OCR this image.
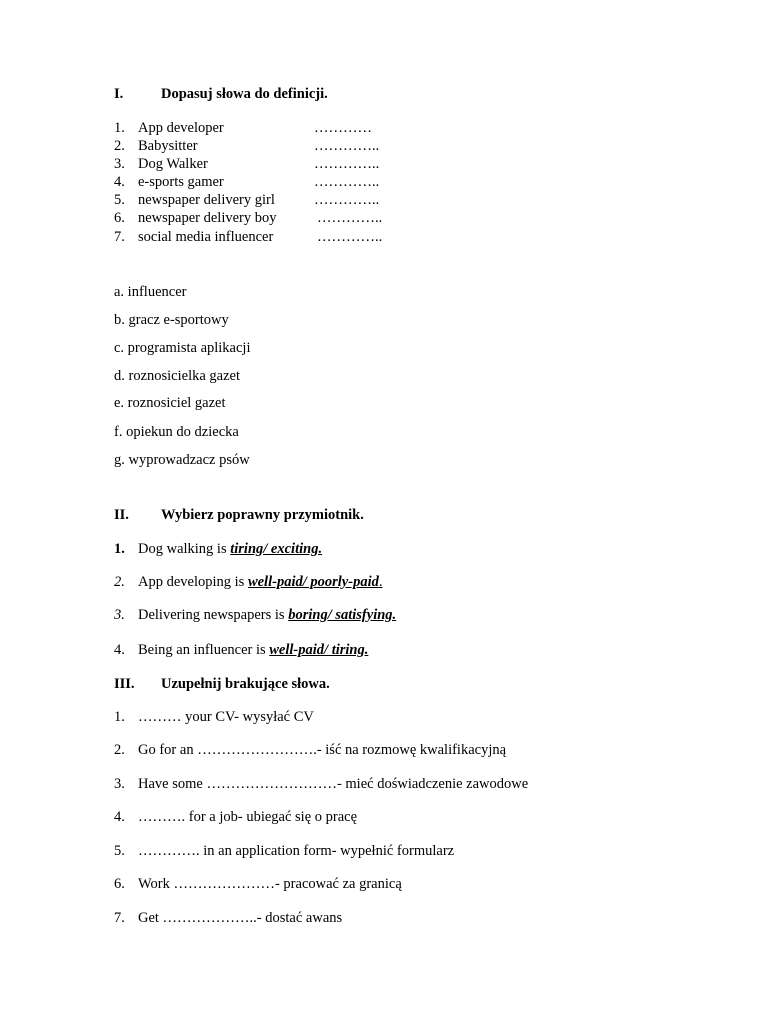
I.	Dopasuj słowa do definicji.
1. App developer	…………
2. Babysitter	…………..
3. Dog Walker	…………..
4. e-sports gamer	…………..
5. newspaper delivery girl	…………..
6. newspaper delivery boy	…………..
7. social media influencer	…………..
a. influencer
b. gracz e-sportowy
c. programista aplikacji
d. roznosicielka gazet
e. roznosiciel gazet
f. opiekun do dziecka
g. wyprowadzacz psów
II. Wybierz poprawny przymiotnik.
1. Dog walking is tiring/ exciting.
2. App developing is well-paid/ poorly-paid.
3. Delivering newspapers is boring/ satisfying.
4. Being an influencer is well-paid/ tiring.
III. Uzupełnij brakujące słowa.
1. ……… your CV- wysyłać CV
2. Go for an …………………….- iść na rozmowę kwalifikacyjną
3. Have some ………………………- mieć doświadczenie zawodowe
4. ………. for a job- ubiegać się o pracę
5. …………. in an application form- wypełnić formularz
6. Work …………………- pracować za granicą
7. Get ………………..- dostać awans
